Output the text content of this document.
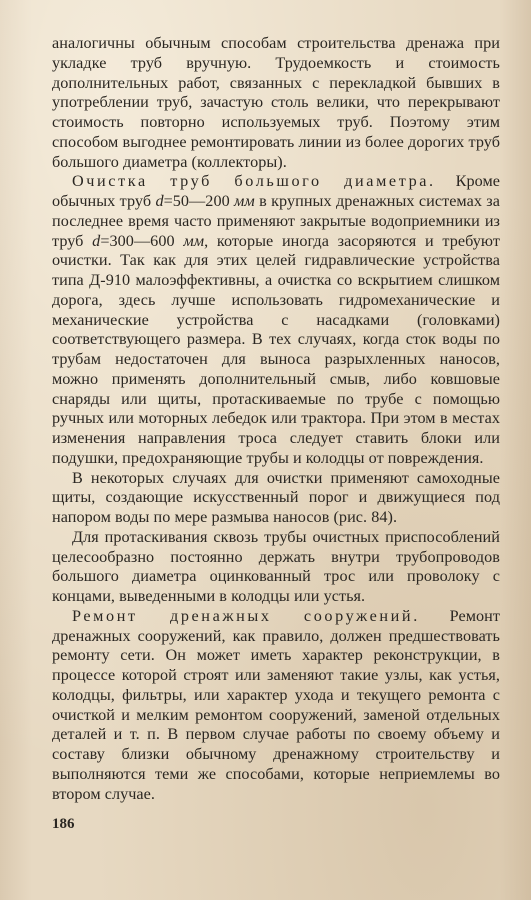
аналогичны обычным способам строительства дренажа при укладке труб вручную. Трудоемкость и стоимость дополнительных работ, связанных с перекладкой бывших в употреблении труб, зачастую столь велики, что перекрывают стоимость повторно используемых труб. Поэтому этим способом выгоднее ремонтировать линии из более дорогих труб большого диаметра (коллекторы).

Очистка труб большого диаметра. Кроме обычных труб d=50—200 мм в крупных дренажных системах за последнее время часто применяют закрытые водоприемники из труб d=300—600 мм, которые иногда засоряются и требуют очистки. Так как для этих целей гидравлические устройства типа Д-910 малоэффективны, а очистка со вскрытием слишком дорога, здесь лучше использовать гидромеханические и механические устройства с насадками (головками) соответствующего размера. В тех случаях, когда сток воды по трубам недостаточен для выноса разрыхленных наносов, можно применять дополнительный смыв, либо ковшовые снаряды или щиты, протаскиваемые по трубе с помощью ручных или моторных лебедок или трактора. При этом в местах изменения направления троса следует ставить блоки или подушки, предохраняющие трубы и колодцы от повреждения.

В некоторых случаях для очистки применяют самоходные щиты, создающие искусственный порог и движущиеся под напором воды по мере размыва наносов (рис. 84).

Для протаскивания сквозь трубы очистных приспособлений целесообразно постоянно держать внутри трубопроводов большого диаметра оцинкованный трос или проволоку с концами, выведенными в колодцы или устья.

Ремонт дренажных сооружений. Ремонт дренажных сооружений, как правило, должен предшествовать ремонту сети. Он может иметь характер реконструкции, в процессе которой строят или заменяют такие узлы, как устья, колодцы, фильтры, или характер ухода и текущего ремонта с очисткой и мелким ремонтом сооружений, заменой отдельных деталей и т. п. В первом случае работы по своему объему и составу близки обычному дренажному строительству и выполняются теми же способами, которые неприемлемы во втором случае.

186
